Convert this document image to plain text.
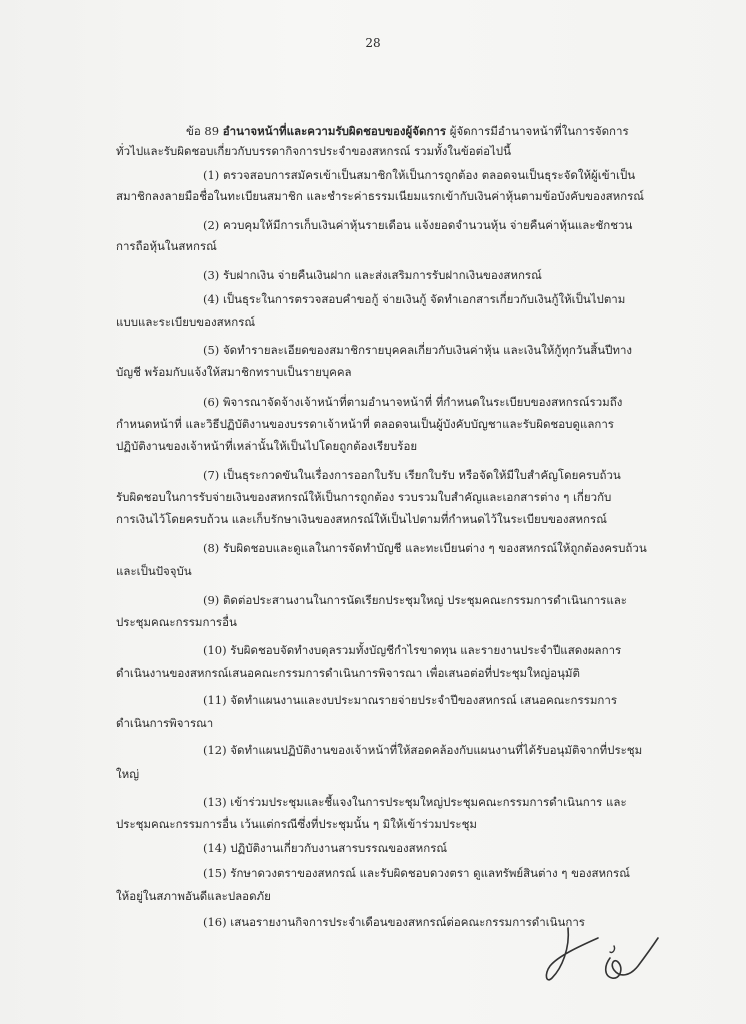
28
ข้อ 89 อำนาจหน้าที่และความรับผิดชอบของผู้จัดการ ผู้จัดการมีอำนาจหน้าที่ในการจัดการ
ทั่วไปและรับผิดชอบเกี่ยวกับบรรดากิจการประจำของสหกรณ์ รวมทั้งในข้อต่อไปนี้
(1) ตรวจสอบการสมัครเข้าเป็นสมาชิกให้เป็นการถูกต้อง ตลอดจนเป็นธุระจัดให้ผู้เข้าเป็น
สมาชิกลงลายมือชื่อในทะเบียนสมาชิก และชำระค่าธรรมเนียมแรกเข้ากับเงินค่าหุ้นตามข้อบังคับของสหกรณ์
(2) ควบคุมให้มีการเก็บเงินค่าหุ้นรายเดือน แจ้งยอดจำนวนหุ้น จ่ายคืนค่าหุ้นและชักชวน
การถือหุ้นในสหกรณ์
(3) รับฝากเงิน จ่ายคืนเงินฝาก และส่งเสริมการรับฝากเงินของสหกรณ์
(4) เป็นธุระในการตรวจสอบคำขอกู้ จ่ายเงินกู้ จัดทำเอกสารเกี่ยวกับเงินกู้ให้เป็นไปตาม
แบบและระเบียบของสหกรณ์
(5) จัดทำรายละเอียดของสมาชิกรายบุคคลเกี่ยวกับเงินค่าหุ้น และเงินให้กู้ทุกวันสิ้นปีทาง
บัญชี พร้อมกับแจ้งให้สมาชิกทราบเป็นรายบุคคล
(6) พิจารณาจัดจ้างเจ้าหน้าที่ตามอำนาจหน้าที่ ที่กำหนดในระเบียบของสหกรณ์รวมถึง
กำหนดหน้าที่ และวิธีปฏิบัติงานของบรรดาเจ้าหน้าที่ ตลอดจนเป็นผู้บังคับบัญชาและรับผิดชอบดูแลการ
ปฏิบัติงานของเจ้าหน้าที่เหล่านั้นให้เป็นไปโดยถูกต้องเรียบร้อย
(7) เป็นธุระกวดขันในเรื่องการออกใบรับ เรียกใบรับ หรือจัดให้มีใบสำคัญโดยครบถ้วน
รับผิดชอบในการรับจ่ายเงินของสหกรณ์ให้เป็นการถูกต้อง รวบรวมใบสำคัญและเอกสารต่าง ๆ เกี่ยวกับ
การเงินไว้โดยครบถ้วน และเก็บรักษาเงินของสหกรณ์ให้เป็นไปตามที่กำหนดไว้ในระเบียบของสหกรณ์
(8) รับผิดชอบและดูแลในการจัดทำบัญชี และทะเบียนต่าง ๆ ของสหกรณ์ให้ถูกต้องครบถ้วน
และเป็นปัจจุบัน
(9) ติดต่อประสานงานในการนัดเรียกประชุมใหญ่ ประชุมคณะกรรมการดำเนินการและ
ประชุมคณะกรรมการอื่น
(10) รับผิดชอบจัดทำงบดุลรวมทั้งบัญชีกำไรขาดทุน และรายงานประจำปีแสดงผลการ
ดำเนินงานของสหกรณ์เสนอคณะกรรมการดำเนินการพิจารณา เพื่อเสนอต่อที่ประชุมใหญ่อนุมัติ
(11) จัดทำแผนงานและงบประมาณรายจ่ายประจำปีของสหกรณ์ เสนอคณะกรรมการ
ดำเนินการพิจารณา
(12) จัดทำแผนปฏิบัติงานของเจ้าหน้าที่ให้สอดคล้องกับแผนงานที่ได้รับอนุมัติจากที่ประชุม
ใหญ่
(13) เข้าร่วมประชุมและชี้แจงในการประชุมใหญ่ประชุมคณะกรรมการดำเนินการ และ
ประชุมคณะกรรมการอื่น เว้นแต่กรณีซึ่งที่ประชุมนั้น ๆ มิให้เข้าร่วมประชุม
(14) ปฏิบัติงานเกี่ยวกับงานสารบรรณของสหกรณ์
(15) รักษาดวงตราของสหกรณ์ และรับผิดชอบดวงตรา ดูแลทรัพย์สินต่าง ๆ ของสหกรณ์
ให้อยู่ในสภาพอันดีและปลอดภัย
(16) เสนอรายงานกิจการประจำเดือนของสหกรณ์ต่อคณะกรรมการดำเนินการ
